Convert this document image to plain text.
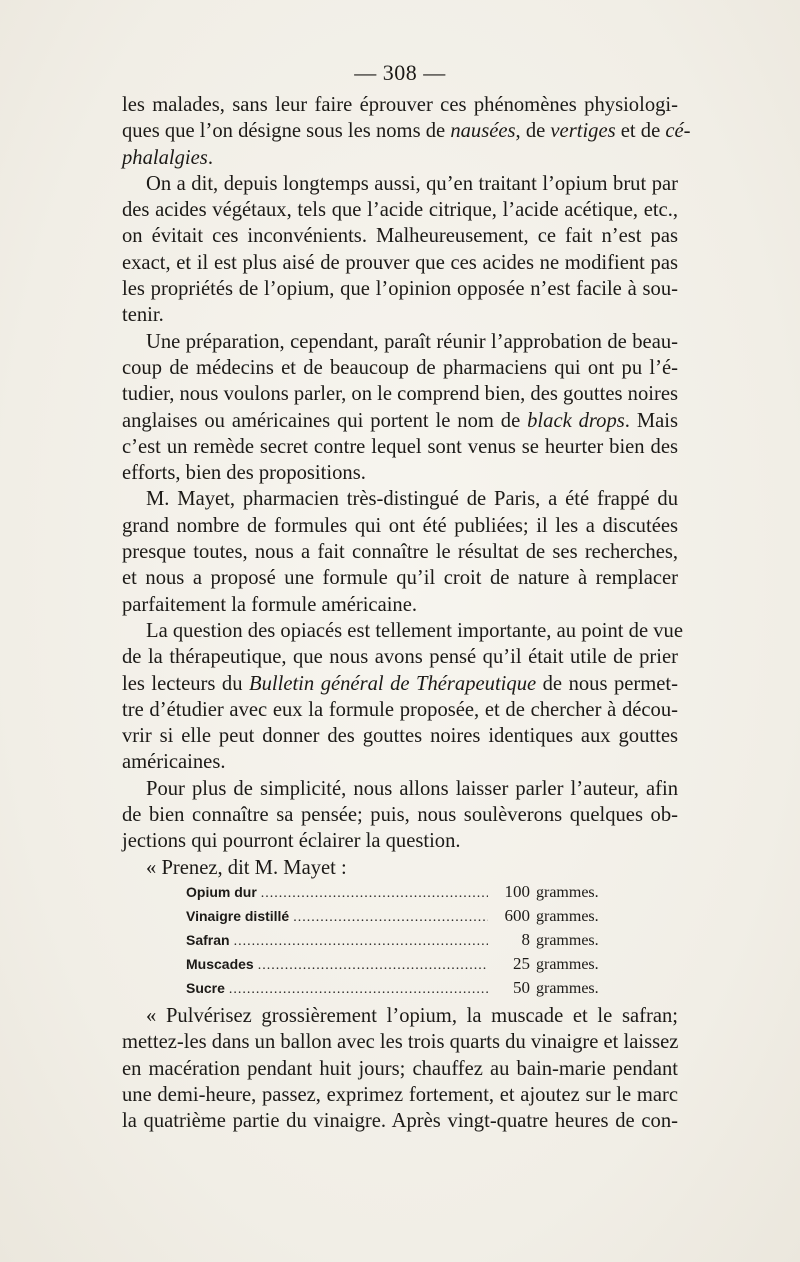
— 308 —
les malades, sans leur faire éprouver ces phénomènes physiologi-
ques que l’on désigne sous les noms de nausées, de vertiges et de cé-
phalalgies.
On a dit, depuis longtemps aussi, qu’en traitant l’opium brut par
des acides végétaux, tels que l’acide citrique, l’acide acétique, etc.,
on évitait ces inconvénients. Malheureusement, ce fait n’est pas
exact, et il est plus aisé de prouver que ces acides ne modifient pas
les propriétés de l’opium, que l’opinion opposée n’est facile à sou-
tenir.
Une préparation, cependant, paraît réunir l’approbation de beau-
coup de médecins et de beaucoup de pharmaciens qui ont pu l’é-
tudier, nous voulons parler, on le comprend bien, des gouttes noires
anglaises ou américaines qui portent le nom de black drops. Mais
c’est un remède secret contre lequel sont venus se heurter bien des
efforts, bien des propositions.
M. Mayet, pharmacien très-distingué de Paris, a été frappé du
grand nombre de formules qui ont été publiées; il les a discutées
presque toutes, nous a fait connaître le résultat de ses recherches,
et nous a proposé une formule qu’il croit de nature à remplacer
parfaitement la formule américaine.
La question des opiacés est tellement importante, au point de vue
de la thérapeutique, que nous avons pensé qu’il était utile de prier
les lecteurs du Bulletin général de Thérapeutique de nous permet-
tre d’étudier avec eux la formule proposée, et de chercher à décou-
vrir si elle peut donner des gouttes noires identiques aux gouttes
américaines.
Pour plus de simplicité, nous allons laisser parler l’auteur, afin
de bien connaître sa pensée; puis, nous soulèverons quelques ob-
jections qui pourront éclairer la question.
« Prenez, dit M. Mayet :
Opium dur .....	100 grammes.
Vinaigre distillé .....	600 grammes.
Safran .....	8 grammes.
Muscades .....	25 grammes.
Sucre .....	50 grammes.
« Pulvérisez grossièrement l’opium, la muscade et le safran;
mettez-les dans un ballon avec les trois quarts du vinaigre et laissez
en macération pendant huit jours; chauffez au bain-marie pendant
une demi-heure, passez, exprimez fortement, et ajoutez sur le marc
la quatrième partie du vinaigre. Après vingt-quatre heures de con-
